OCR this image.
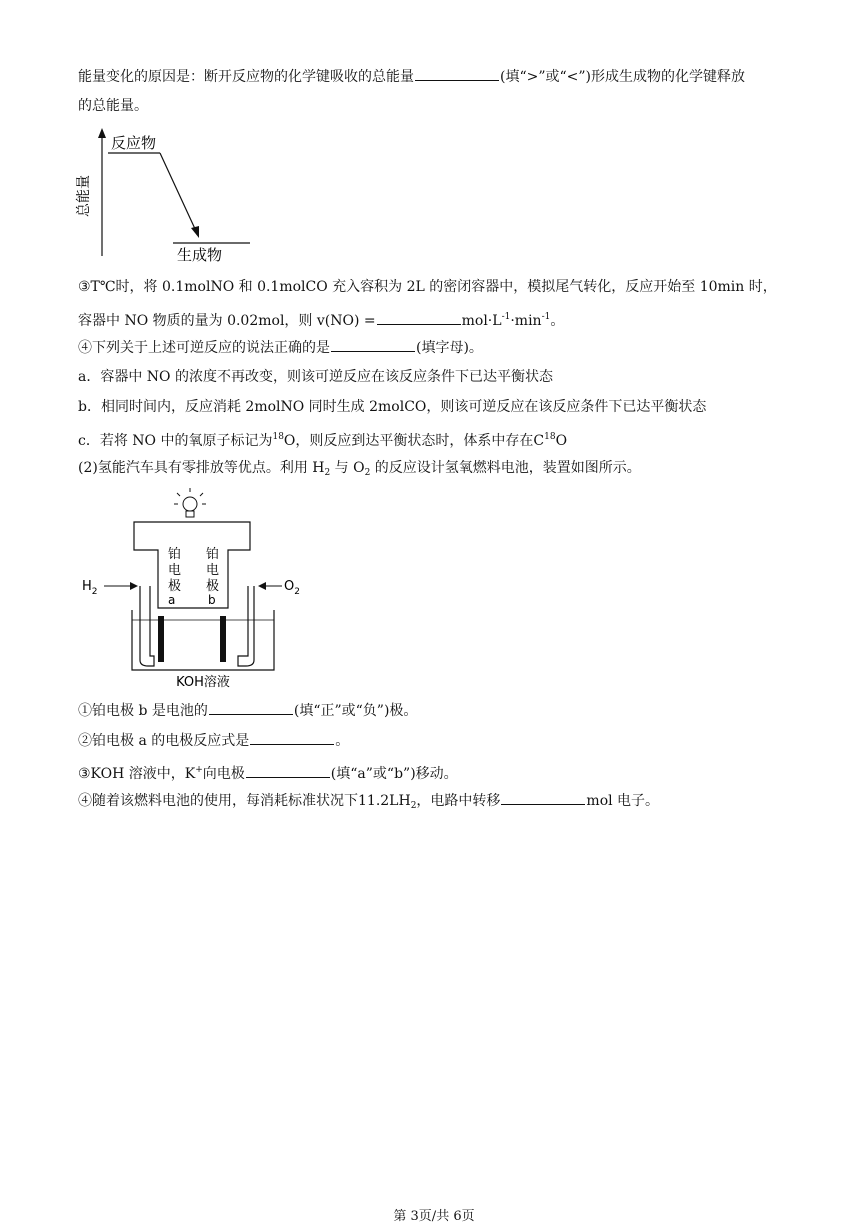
能量变化的原因是：断开反应物的化学键吸收的总能量	(填“>”或“<”)形成生成物的化学键释放
的总能量。
总能量
反应物
生成物
③T℃时，将 0.1molNO 和 0.1molCO 充入容积为 2L 的密闭容器中，模拟尾气转化，反应开始至 10min 时，
容器中 NO 物质的量为 0.02mol，则 v(NO) =	$mol\cdot L^{-1}\cdot\min^{-1}$。
④下列关于上述可逆反应的说法正确的是	(填字母)。
a．容器中 NO 的浓度不再改变，则该可逆反应在该反应条件下已达平衡状态
b．相同时间内，反应消耗 2molNO 同时生成 2molCO，则该可逆反应在该反应条件下已达平衡状态
c．若将 NO 中的氧原子标记为$^{18}$O，则反应到达平衡状态时，体系中存在$C^{18}O$
(2)氢能汽车具有零排放等优点。利用 $H_2$ 与 $O_2$ 的反应设计氢氧燃料电池，装置如图所示。
铂
电
极
铂
电
极
a	b
$H_2$	$O_2$
KOH溶液
①铂电极 b 是电池的	(填“正”或“负”)极。
②铂电极 a 的电极反应式是	。
③KOH 溶液中，K+向电极	(填“a”或“b”)移动。
④随着该燃料电池的使用，每消耗标准状况下$11.2LH_2$，电路中转移	mol 电子。
第 3页/共 6页
